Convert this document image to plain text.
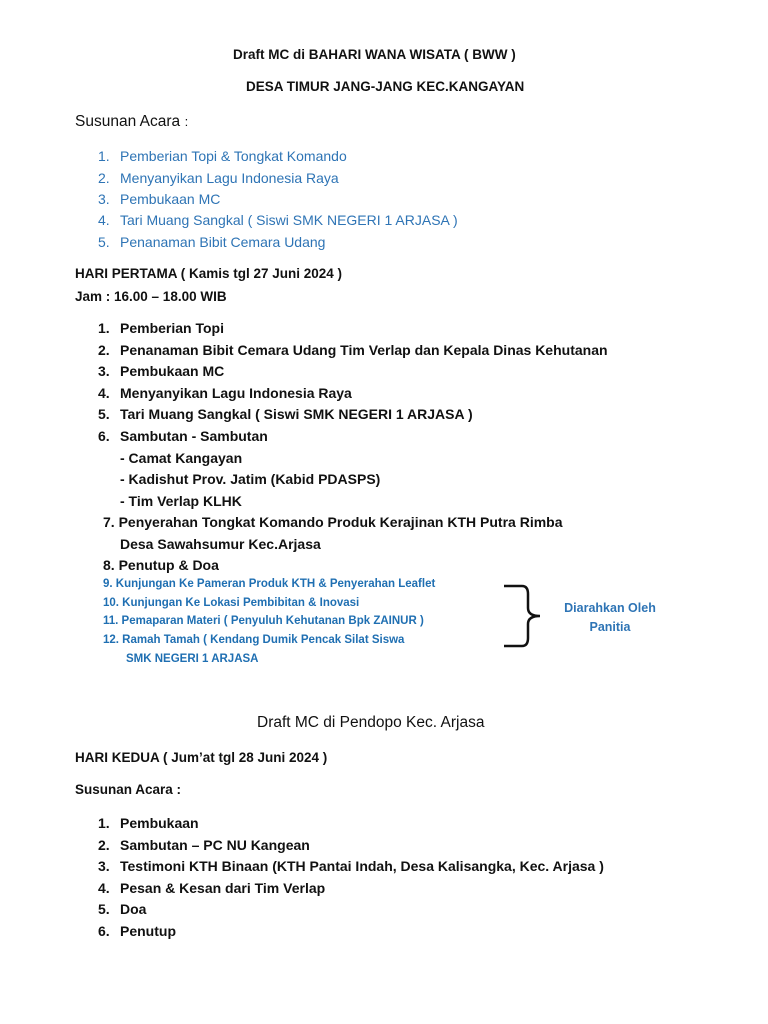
Draft MC di BAHARI WANA WISATA ( BWW )
DESA TIMUR JANG-JANG KEC.KANGAYAN
Susunan Acara :
1. Pemberian Topi & Tongkat Komando
2. Menyanyikan Lagu Indonesia Raya
3. Pembukaan MC
4. Tari Muang Sangkal ( Siswi SMK NEGERI 1 ARJASA )
5. Penanaman Bibit Cemara Udang
HARI PERTAMA ( Kamis tgl 27 Juni 2024 )
Jam : 16.00 – 18.00 WIB
1. Pemberian Topi
2. Penanaman Bibit Cemara Udang Tim Verlap dan Kepala Dinas Kehutanan
3. Pembukaan MC
4. Menyanyikan Lagu Indonesia Raya
5. Tari Muang Sangkal ( Siswi SMK NEGERI 1 ARJASA )
6. Sambutan - Sambutan
- Camat Kangayan
- Kadishut Prov. Jatim (Kabid PDASPS)
- Tim Verlap KLHK
7. Penyerahan Tongkat Komando Produk Kerajinan KTH Putra Rimba
Desa Sawahsumur Kec.Arjasa
8. Penutup & Doa
9. Kunjungan Ke Pameran Produk KTH & Penyerahan Leaflet
10. Kunjungan Ke Lokasi Pembibitan & Inovasi
11. Pemaparan Materi ( Penyuluh Kehutanan Bpk ZAINUR )
12. Ramah Tamah ( Kendang Dumik Pencak Silat Siswa
SMK NEGERI 1 ARJASA
Diarahkan Oleh
Panitia
Draft MC di Pendopo Kec. Arjasa
HARI KEDUA ( Jum’at tgl 28 Juni 2024 )
Susunan Acara :
1. Pembukaan
2. Sambutan – PC NU Kangean
3. Testimoni KTH Binaan (KTH Pantai Indah, Desa Kalisangka, Kec. Arjasa )
4. Pesan & Kesan dari Tim Verlap
5. Doa
6. Penutup
